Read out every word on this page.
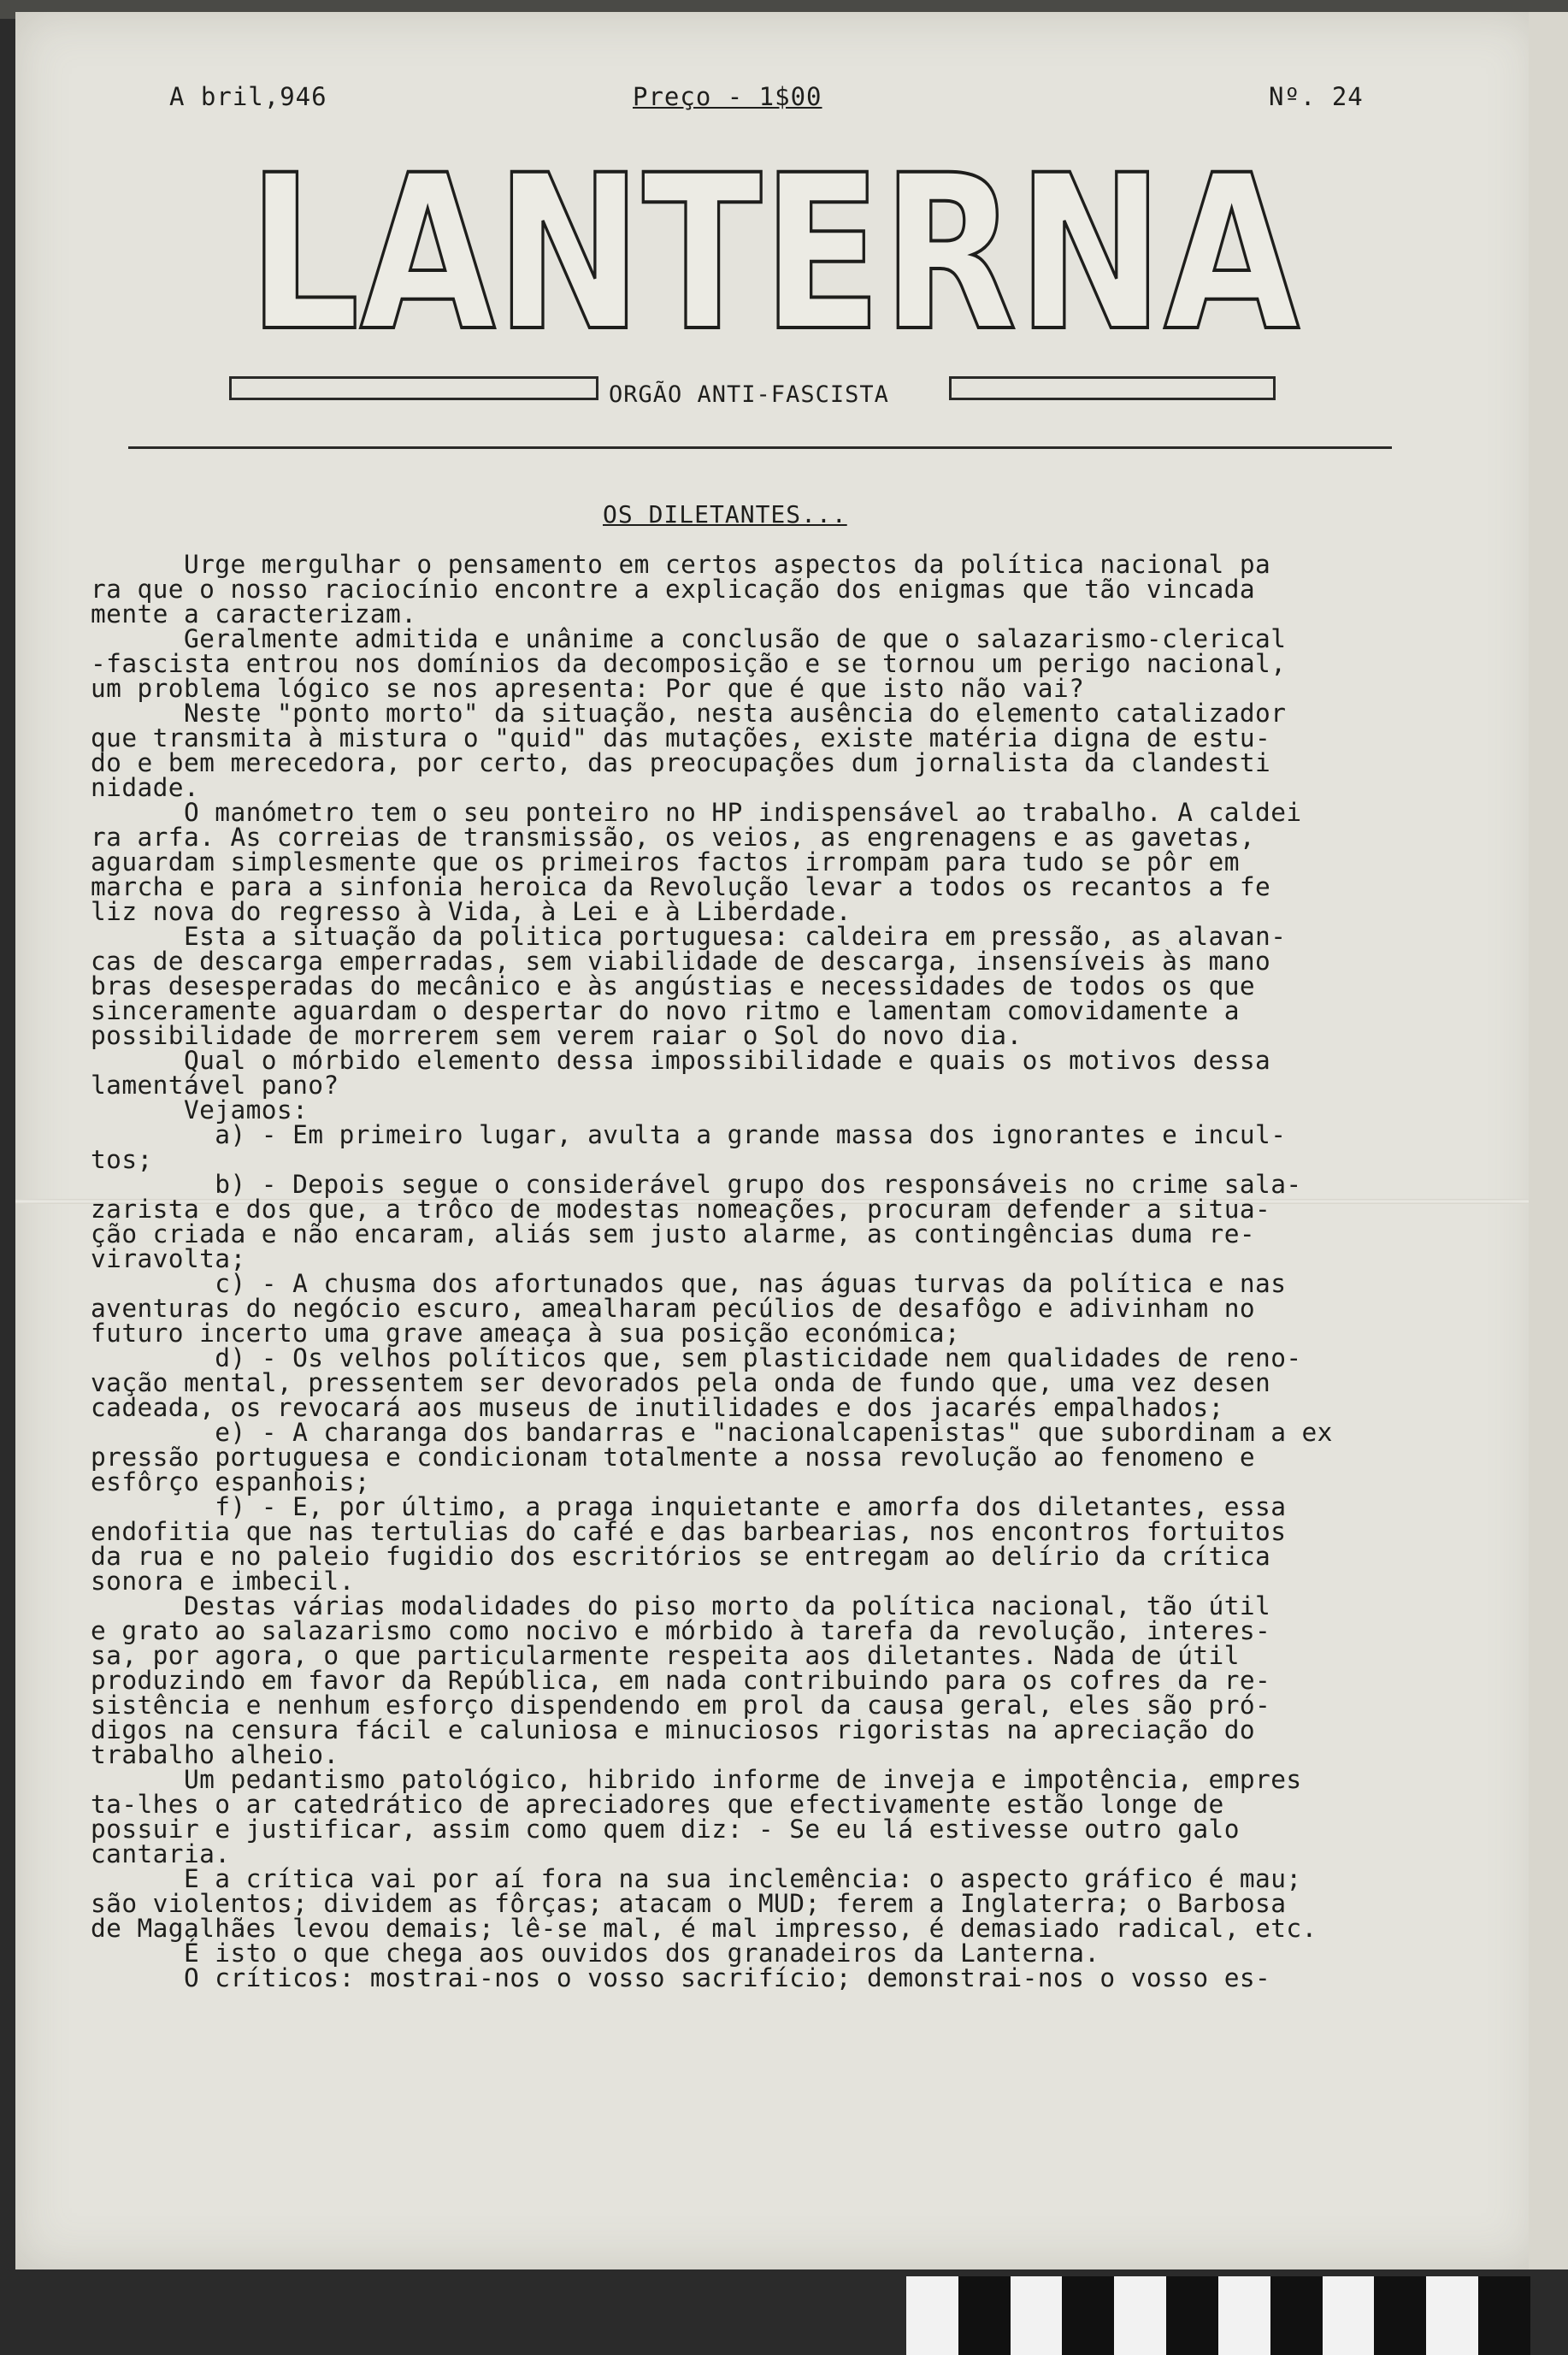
A bril,946	Preço - 1$00	Nº. 24
LANTERNA
ORGÃO ANTI-FASCISTA
OS DILETANTES...
Urge mergulhar o pensamento em certos aspectos da política nacional pa
ra que o nosso raciocínio encontre a explicação dos enigmas que tão vincada
mente a caracterizam.
Geralmente admitida e unânime a conclusão de que o salazarismo-clerical
-fascista entrou nos domínios da decomposição e se tornou um perigo nacional,
um problema lógico se nos apresenta: Por que é que isto não vai?
Neste "ponto morto" da situação, nesta ausência do elemento catalizador
que transmita à mistura o "quid" das mutações, existe matéria digna de estu-
do e bem merecedora, por certo, das preocupações dum jornalista da clandesti
nidade.
O manómetro tem o seu ponteiro no HP indispensável ao trabalho. A caldei
ra arfa. As correias de transmissão, os veios, as engrenagens e as gavetas,
aguardam simplesmente que os primeiros factos irrompam para tudo se pôr em
marcha e para a sinfonia heroica da Revolução levar a todos os recantos a fe
liz nova do regresso à Vida, à Lei e à Liberdade.
Esta a situação da politica portuguesa: caldeira em pressão, as alavan-
cas de descarga emperradas, sem viabilidade de descarga, insensíveis às mano
bras desesperadas do mecânico e às angústias e necessidades de todos os que
sinceramente aguardam o despertar do novo ritmo e lamentam comovidamente a
possibilidade de morrerem sem verem raiar o Sol do novo dia.
Qual o mórbido elemento dessa impossibilidade e quais os motivos dessa
lamentável pano?
Vejamos:
a) - Em primeiro lugar, avulta a grande massa dos ignorantes e incul-
tos;
b) - Depois segue o considerável grupo dos responsáveis no crime sala-
zarista e dos que, a trôco de modestas nomeações, procuram defender a situa-
ção criada e não encaram, aliás sem justo alarme, as contingências duma re-
viravolta;
c) - A chusma dos afortunados que, nas águas turvas da política e nas
aventuras do negócio escuro, amealharam pecúlios de desafôgo e adivinham no
futuro incerto uma grave ameaça à sua posição económica;
d) - Os velhos políticos que, sem plasticidade nem qualidades de reno-
vação mental, pressentem ser devorados pela onda de fundo que, uma vez desen
cadeada, os revocará aos museus de inutilidades e dos jacarés empalhados;
e) - A charanga dos bandarras e "nacionalcapenistas" que subordinam a ex
pressão portuguesa e condicionam totalmente a nossa revolução ao fenomeno e
esfôrço espanhois;
f) - E, por último, a praga inquietante e amorfa dos diletantes, essa
endofitia que nas tertulias do café e das barbearias, nos encontros fortuitos
da rua e no paleio fugidio dos escritórios se entregam ao delírio da crítica
sonora e imbecil.
Destas várias modalidades do piso morto da política nacional, tão útil
e grato ao salazarismo como nocivo e mórbido à tarefa da revolução, interes-
sa, por agora, o que particularmente respeita aos diletantes. Nada de útil
produzindo em favor da República, em nada contribuindo para os cofres da re-
sistência e nenhum esforço dispendendo em prol da causa geral, eles são pró-
digos na censura fácil e caluniosa e minuciosos rigoristas na apreciação do
trabalho alheio.
Um pedantismo patológico, hibrido informe de inveja e impotência, empres
ta-lhes o ar catedrático de apreciadores que efectivamente estão longe de
possuir e justificar, assim como quem diz: - Se eu lá estivesse outro galo
cantaria.
E a crítica vai por aí fora na sua inclemência: o aspecto gráfico é mau;
são violentos; dividem as fôrças; atacam o MUD; ferem a Inglaterra; o Barbosa
de Magalhães levou demais; lê-se mal, é mal impresso, é demasiado radical, etc.
É isto o que chega aos ouvidos dos granadeiros da Lanterna.
O críticos: mostrai-nos o vosso sacrifício; demonstrai-nos o vosso es-
